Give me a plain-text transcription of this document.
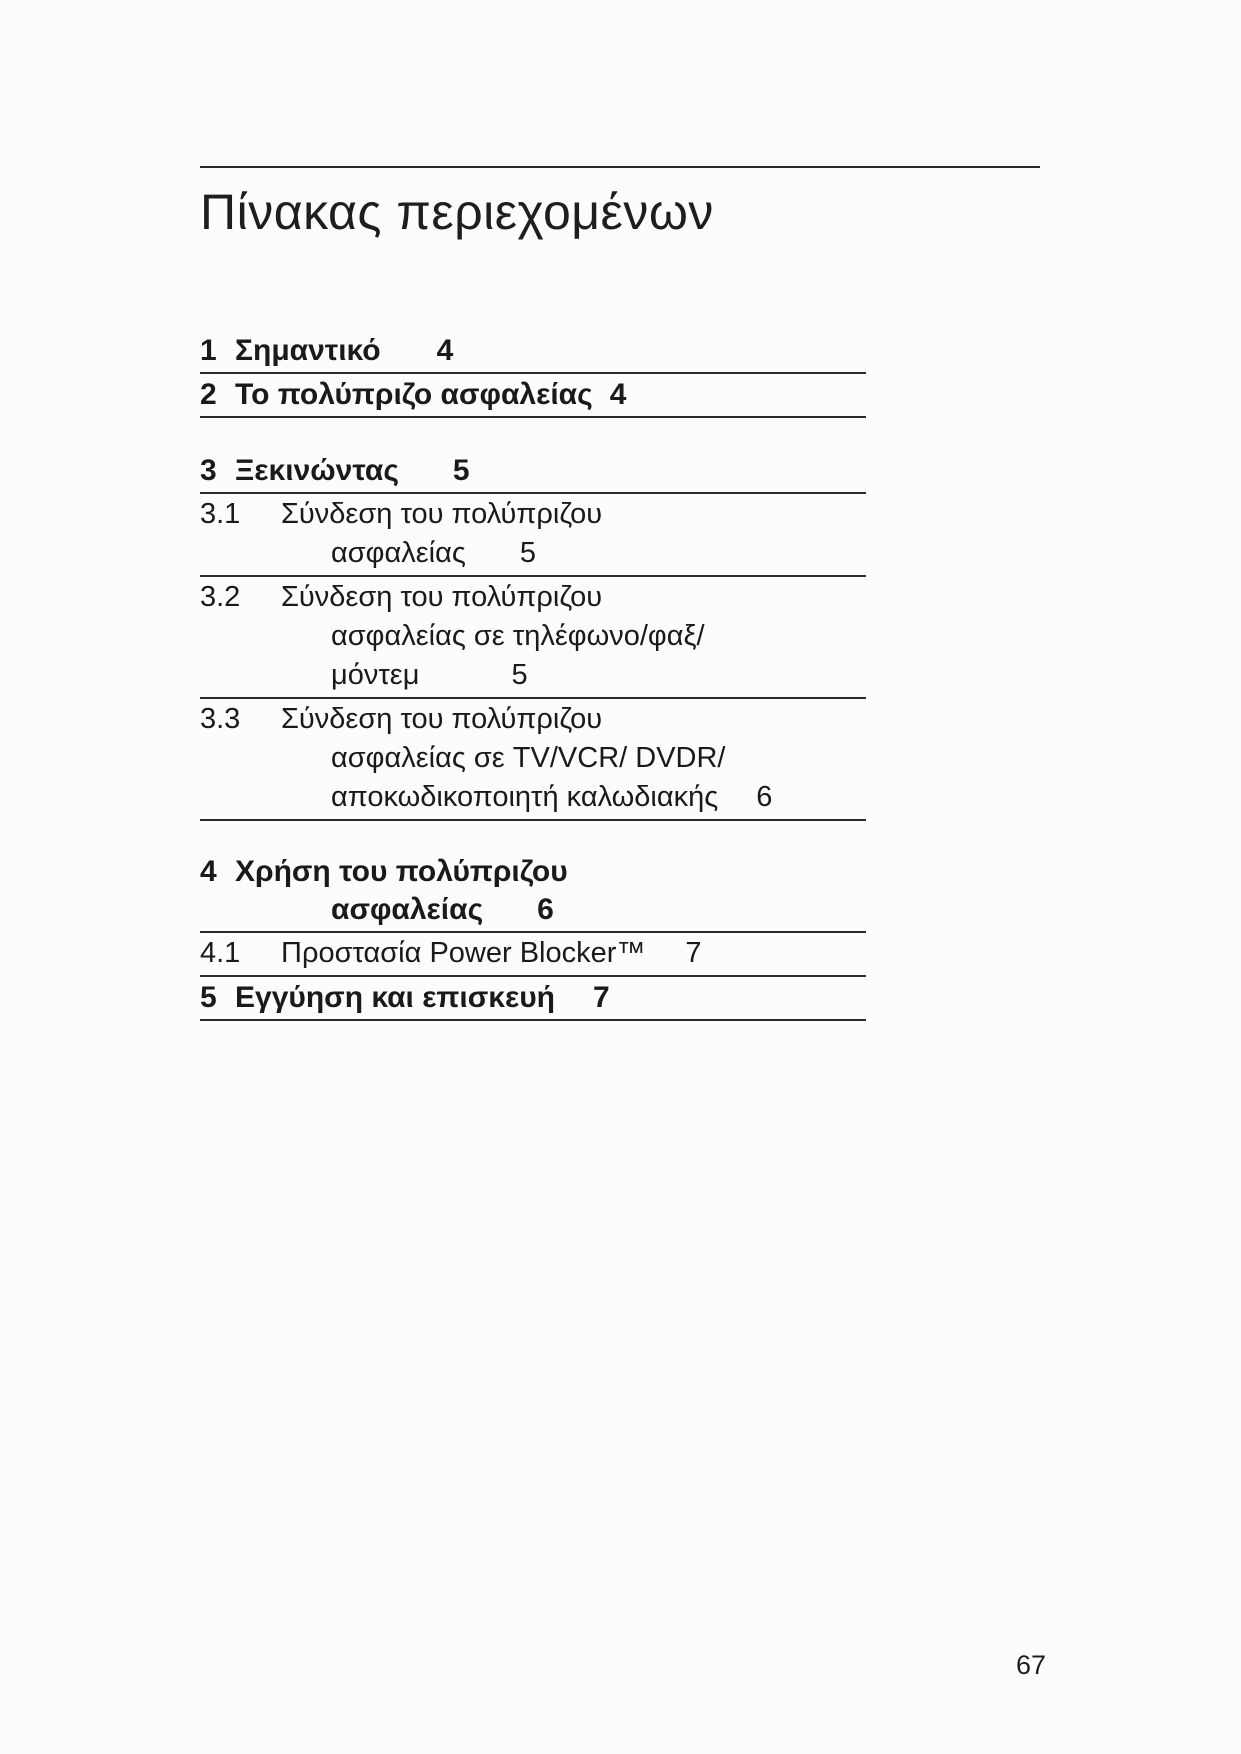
Πίνακας περιεχομένων
1 Σημαντικό 4
2 Το πολύπριζο ασφαλείας 4
3 Ξεκινώντας 5
3.1	Σύνδεση του πολύπριζου
ασφαλείας 5
3.2	Σύνδεση του πολύπριζου
ασφαλείας σε τηλέφωνο/φαξ/
μόντεμ	5
3.3	Σύνδεση του πολύπριζου
ασφαλείας σε TV/VCR/ DVDR/
αποκωδικοποιητή καλωδιακής 6
4 Χρήση του πολύπριζου
ασφαλείας 6
4.1	Προστασία Power Blocker™ 7
5 Εγγύηση και επισκευή 7
67
